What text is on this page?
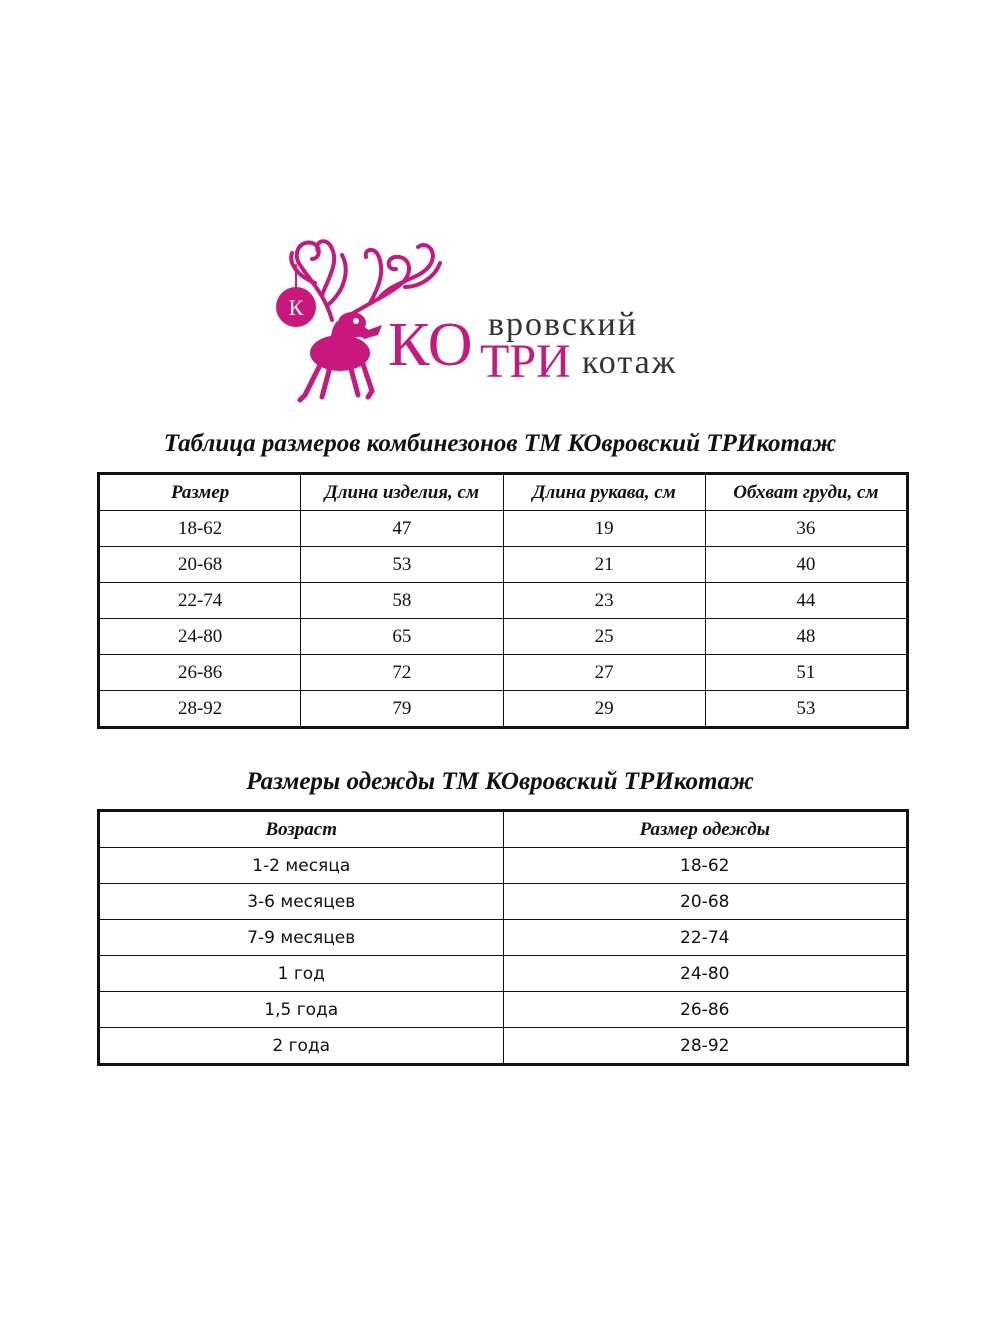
К
КО вровский
ТРИ котаж
Таблица размеров комбинезонов ТМ КОвровский ТРИкотаж
Размер	Длина изделия, см	Длина рукава, см	Обхват груди, см
18-62	47	19	36
20-68	53	21	40
22-74	58	23	44
24-80	65	25	48
26-86	72	27	51
28-92	79	29	53
Размеры одежды ТМ КОвровский ТРИкотаж
Возраст	Размер одежды
1-2 месяца	18-62
3-6 месяцев	20-68
7-9 месяцев	22-74
1 год	24-80
1,5 года	26-86
2 года	28-92
